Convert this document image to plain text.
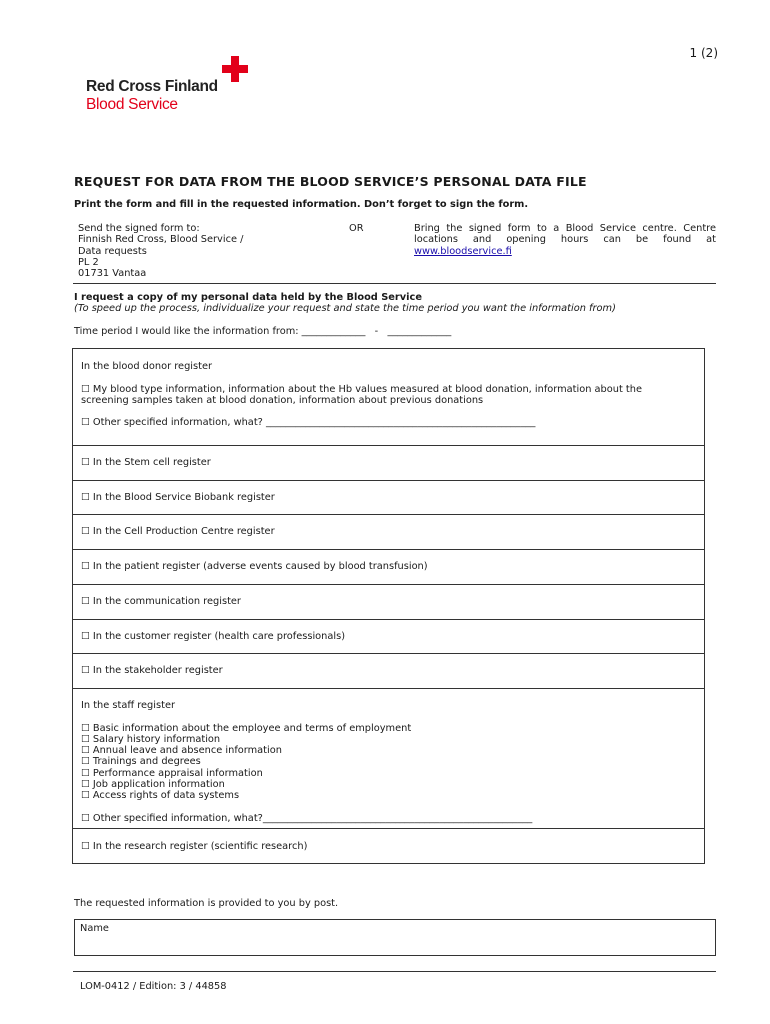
1 (2)
Red Cross Finland
Blood Service
REQUEST FOR DATA FROM THE BLOOD SERVICE’S PERSONAL DATA FILE
Print the form and fill in the requested information. Don’t forget to sign the form.
Send the signed form to:
Finnish Red Cross, Blood Service /
Data requests
PL 2
01731 Vantaa
OR	Bring the signed form to a Blood Service centre. Centre locations and opening hours can be found at
www.bloodservice.fi
I request a copy of my personal data held by the Blood Service
(To speed up the process, individualize your request and state the time period you want the information from)
Time period I would like the information from: _____________   -   _____________
In the blood donor register

☐ My blood type information, information about the Hb values measured at blood donation, information about the
screening samples taken at blood donation, information about previous donations

☐ Other specified information, what? _______________________________________________________
☐ In the Stem cell register
☐ In the Blood Service Biobank register
☐ In the Cell Production Centre register
☐ In the patient register (adverse events caused by blood transfusion)
☐ In the communication register
☐ In the customer register (health care professionals)
☐ In the stakeholder register
In the staff register

☐ Basic information about the employee and terms of employment
☐ Salary history information
☐ Annual leave and absence information
☐ Trainings and degrees
☐ Performance appraisal information
☐ Job application information
☐ Access rights of data systems

☐ Other specified information, what?_______________________________________________________
☐ In the research register (scientific research)
The requested information is provided to you by post.
Name
LOM-0412 / Edition: 3 / 44858
